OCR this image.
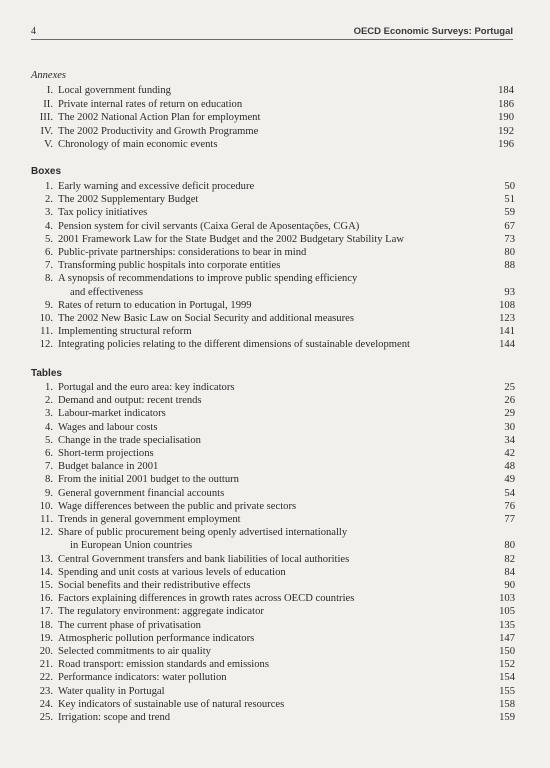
4	OECD Economic Surveys: Portugal
Annexes
I. Local government funding	184
II. Private internal rates of return on education	186
III. The 2002 National Action Plan for employment	190
IV. The 2002 Productivity and Growth Programme	192
V. Chronology of main economic events	196
Boxes
1. Early warning and excessive deficit procedure	50
2. The 2002 Supplementary Budget	51
3. Tax policy initiatives	59
4. Pension system for civil servants (Caixa Geral de Aposentações, CGA)	67
5. 2001 Framework Law for the State Budget and the 2002 Budgetary Stability Law	73
6. Public-private partnerships: considerations to bear in mind	80
7. Transforming public hospitals into corporate entities	88
8. A synopsis of recommendations to improve public spending efficiency
and effectiveness	93
9. Rates of return to education in Portugal, 1999	108
10. The 2002 New Basic Law on Social Security and additional measures	123
11. Implementing structural reform	141
12. Integrating policies relating to the different dimensions of sustainable development	144
Tables
1. Portugal and the euro area: key indicators	25
2. Demand and output: recent trends	26
3. Labour-market indicators	29
4. Wages and labour costs	30
5. Change in the trade specialisation	34
6. Short-term projections	42
7. Budget balance in 2001	48
8. From the initial 2001 budget to the outturn	49
9. General government financial accounts	54
10. Wage differences between the public and private sectors	76
11. Trends in general government employment	77
12. Share of public procurement being openly advertised internationally
in European Union countries	80
13. Central Government transfers and bank liabilities of local authorities	82
14. Spending and unit costs at various levels of education	84
15. Social benefits and their redistributive effects	90
16. Factors explaining differences in growth rates across OECD countries	103
17. The regulatory environment: aggregate indicator	105
18. The current phase of privatisation	135
19. Atmospheric pollution performance indicators	147
20. Selected commitments to air quality	150
21. Road transport: emission standards and emissions	152
22. Performance indicators: water pollution	154
23. Water quality in Portugal	155
24. Key indicators of sustainable use of natural resources	158
25. Irrigation: scope and trend	159
